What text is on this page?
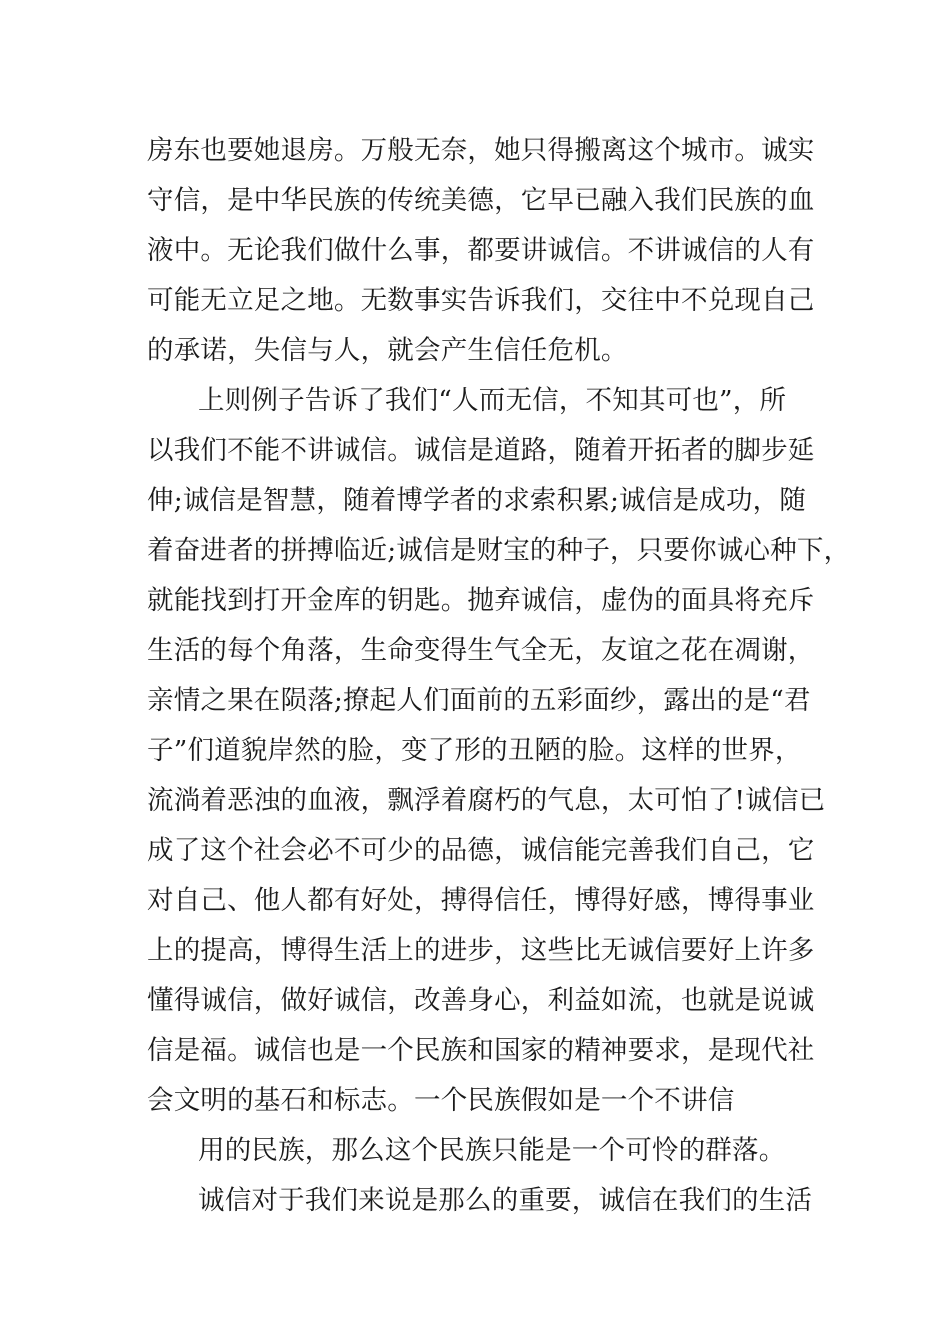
房东也要她退房。万般无奈，她只得搬离这个城市。诚实
守信，是中华民族的传统美德，它早已融入我们民族的血
液中。无论我们做什么事，都要讲诚信。不讲诚信的人有
可能无立足之地。无数事实告诉我们，交往中不兑现自己
的承诺，失信与人，就会产生信任危机。
上则例子告诉了我们“人而无信，不知其可也”，所
以我们不能不讲诚信。诚信是道路，随着开拓者的脚步延
伸;诚信是智慧，随着博学者的求索积累;诚信是成功，随
着奋进者的拼搏临近;诚信是财宝的种子，只要你诚心种下，
就能找到打开金库的钥匙。抛弃诚信，虚伪的面具将充斥
生活的每个角落，生命变得生气全无，友谊之花在凋谢，
亲情之果在陨落;撩起人们面前的五彩面纱，露出的是“君
子”们道貌岸然的脸，变了形的丑陋的脸。这样的世界，
流淌着恶浊的血液，飘浮着腐朽的气息，太可怕了!诚信已
成了这个社会必不可少的品德，诚信能完善我们自己，它
对自己、他人都有好处，搏得信任，博得好感，博得事业
上的提高，博得生活上的进步，这些比无诚信要好上许多
懂得诚信，做好诚信，改善身心，利益如流，也就是说诚
信是福。诚信也是一个民族和国家的精神要求，是现代社
会文明的基石和标志。一个民族假如是一个不讲信
用的民族，那么这个民族只能是一个可怜的群落。
诚信对于我们来说是那么的重要，诚信在我们的生活
